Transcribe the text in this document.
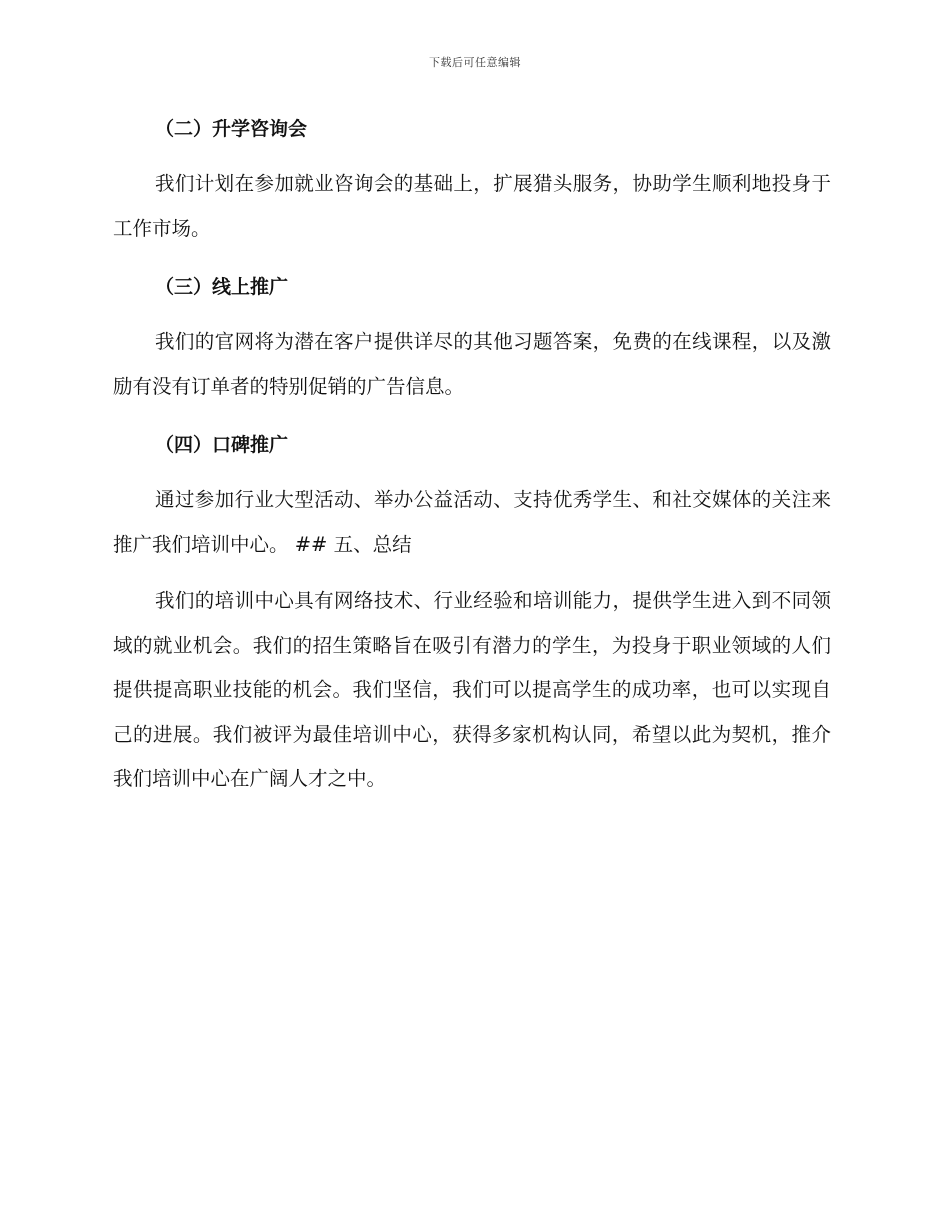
下载后可任意编辑
（二）升学咨询会

我们计划在参加就业咨询会的基础上，扩展猎头服务，协助学生顺利地投身于工作市场。

（三）线上推广

我们的官网将为潜在客户提供详尽的其他习题答案，免费的在线课程，以及激励有没有订单者的特别促销的广告信息。

（四）口碑推广

通过参加行业大型活动、举办公益活动、支持优秀学生、和社交媒体的关注来推广我们培训中心。 ## 五、总结

我们的培训中心具有网络技术、行业经验和培训能力，提供学生进入到不同领域的就业机会。我们的招生策略旨在吸引有潜力的学生，为投身于职业领域的人们提供提高职业技能的机会。我们坚信，我们可以提高学生的成功率，也可以实现自己的进展。我们被评为最佳培训中心，获得多家机构认同，希望以此为契机，推介我们培训中心在广阔人才之中。
